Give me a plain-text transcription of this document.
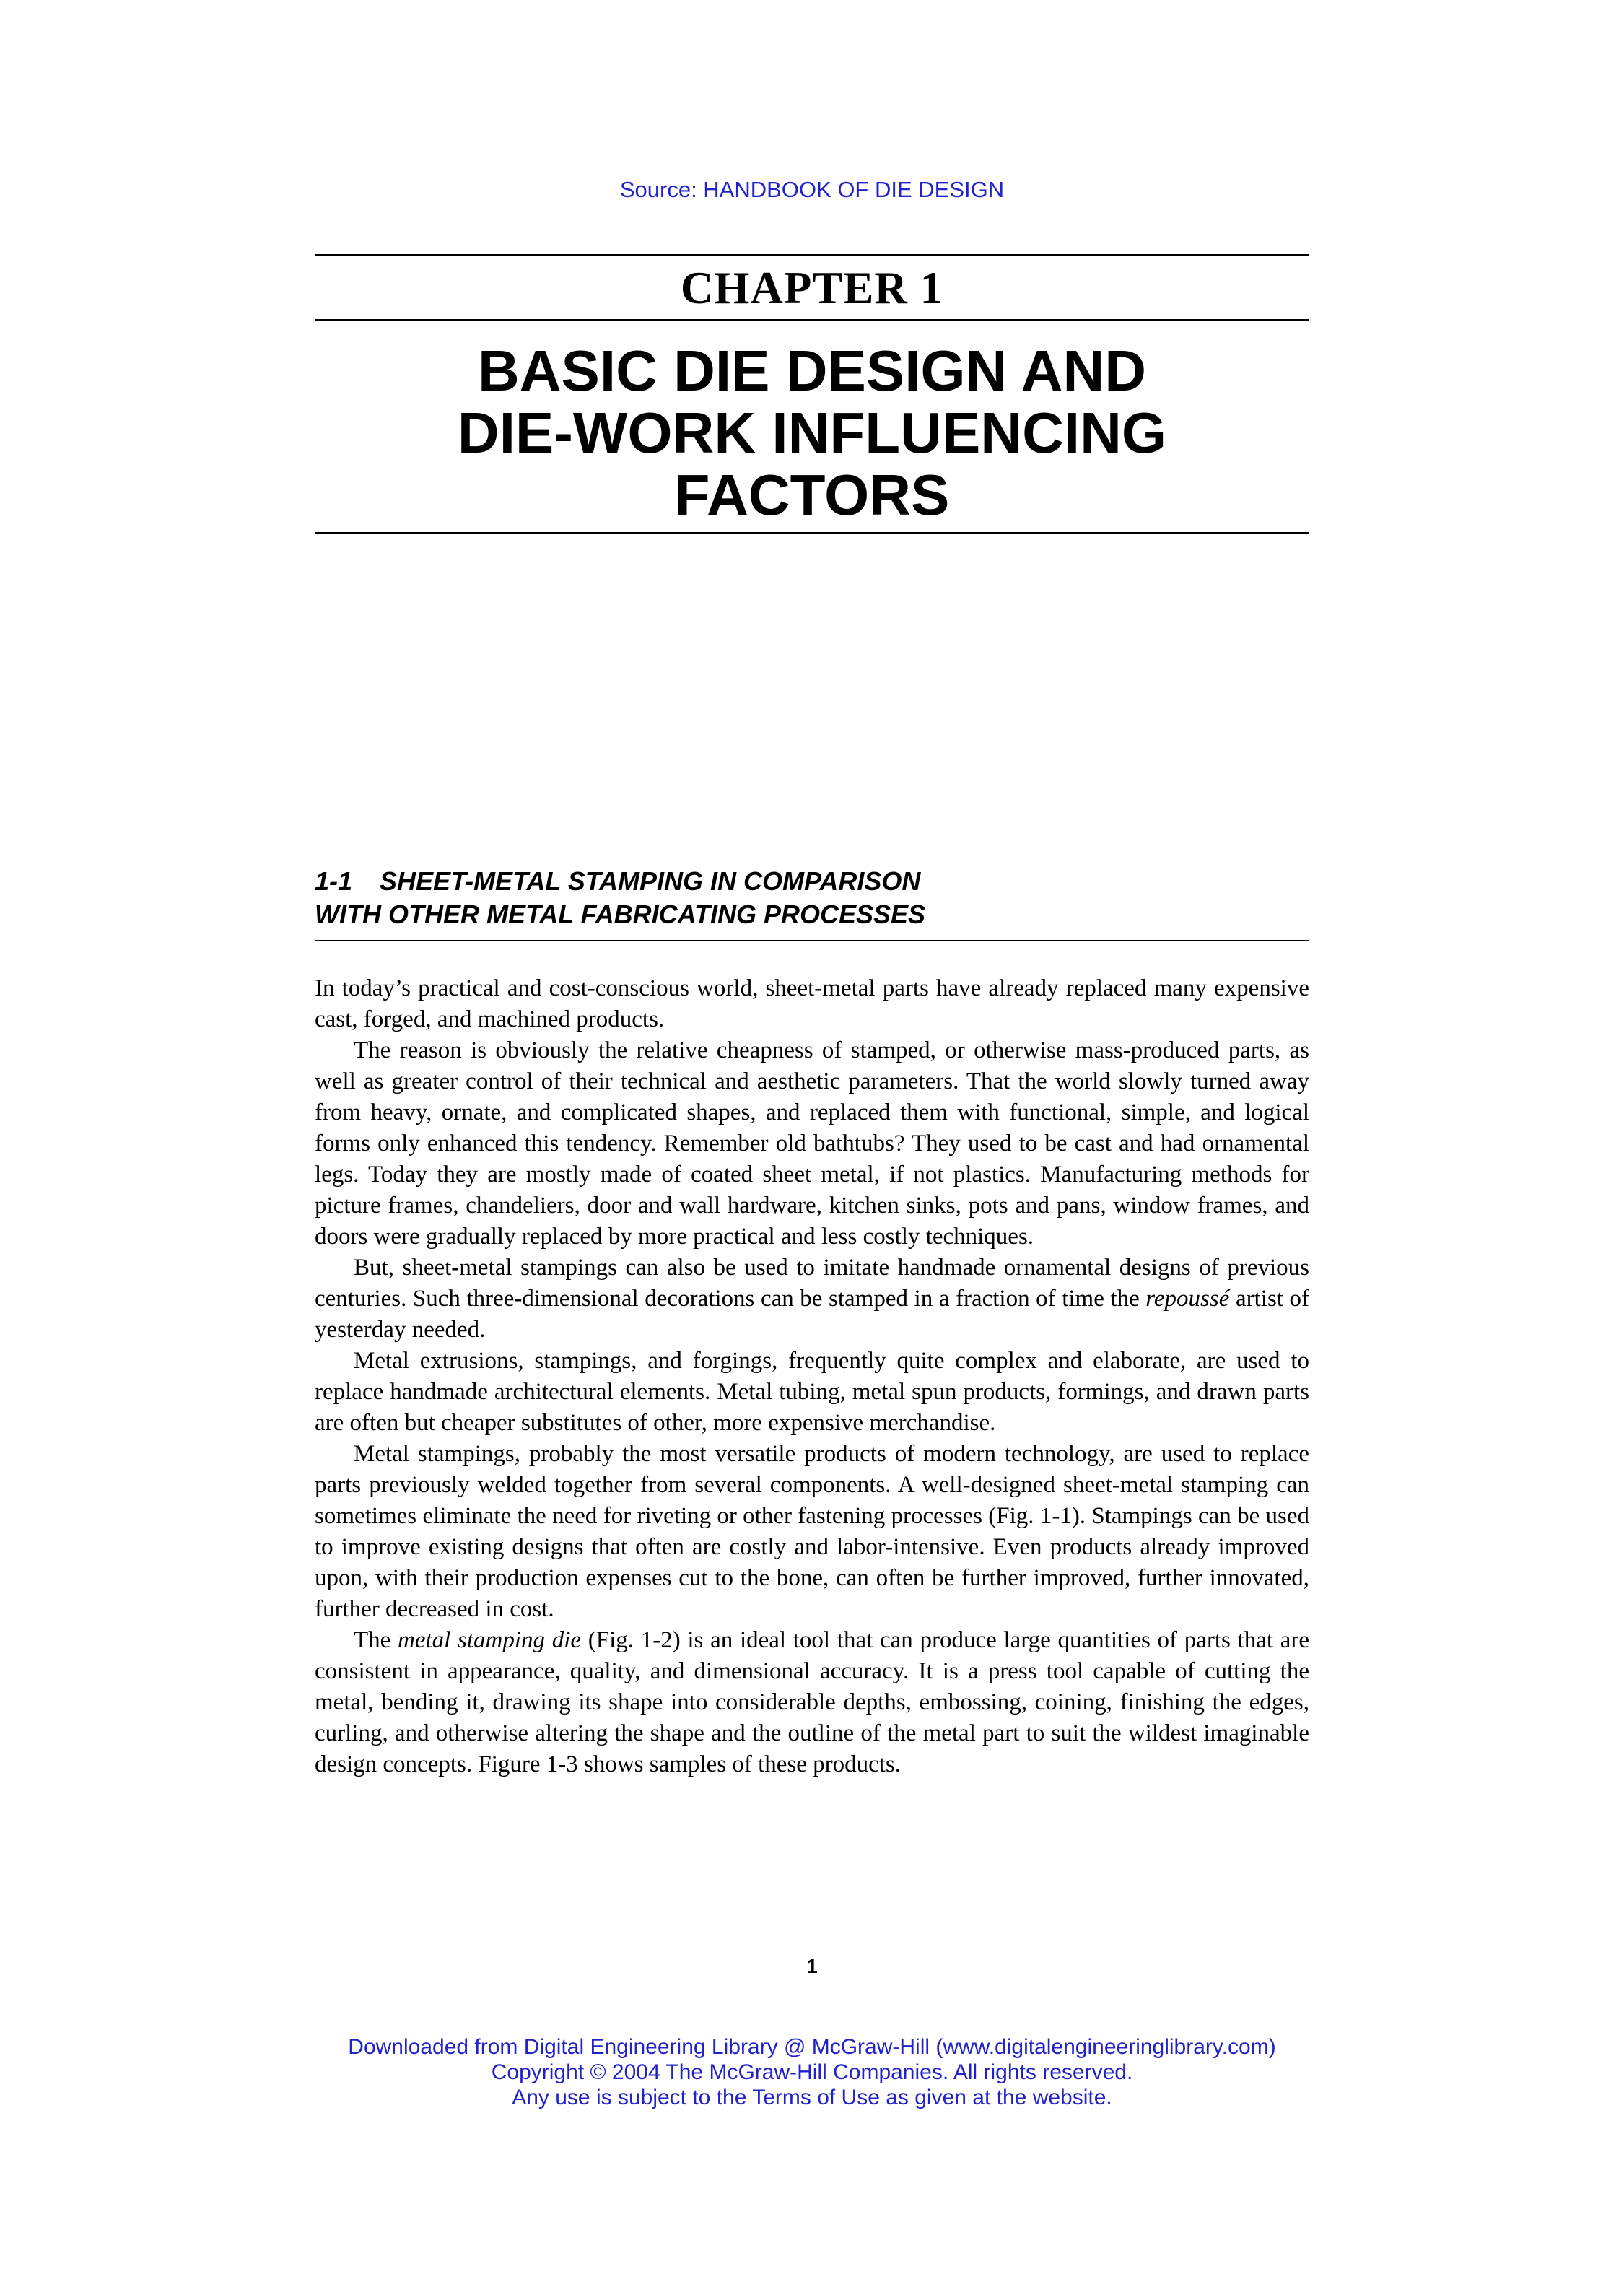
Source: HANDBOOK OF DIE DESIGN
CHAPTER 1
BASIC DIE DESIGN AND
DIE-WORK INFLUENCING
FACTORS
1-1 SHEET-METAL STAMPING IN COMPARISON
WITH OTHER METAL FABRICATING PROCESSES

In today’s practical and cost-conscious world, sheet-metal parts have already replaced many expensive cast, forged, and machined products.

The reason is obviously the relative cheapness of stamped, or otherwise mass-produced parts, as well as greater control of their technical and aesthetic parameters. That the world slowly turned away from heavy, ornate, and complicated shapes, and replaced them with functional, simple, and logical forms only enhanced this tendency. Remember old bathtubs? They used to be cast and had ornamental legs. Today they are mostly made of coated sheet metal, if not plastics. Manufacturing methods for picture frames, chandeliers, door and wall hardware, kitchen sinks, pots and pans, window frames, and doors were gradually replaced by more practical and less costly techniques.

But, sheet-metal stampings can also be used to imitate handmade ornamental designs of previous centuries. Such three-dimensional decorations can be stamped in a fraction of time the repoussé artist of yesterday needed.

Metal extrusions, stampings, and forgings, frequently quite complex and elaborate, are used to replace handmade architectural elements. Metal tubing, metal spun products, formings, and drawn parts are often but cheaper substitutes of other, more expensive merchandise.

Metal stampings, probably the most versatile products of modern technology, are used to replace parts previously welded together from several components. A well-designed sheet-metal stamping can sometimes eliminate the need for riveting or other fastening processes (Fig. 1-1). Stampings can be used to improve existing designs that often are costly and labor-intensive. Even products already improved upon, with their production expenses cut to the bone, can often be further improved, further innovated, further decreased in cost.

The metal stamping die (Fig. 1-2) is an ideal tool that can produce large quantities of parts that are consistent in appearance, quality, and dimensional accuracy. It is a press tool capable of cutting the metal, bending it, drawing its shape into considerable depths, embossing, coining, finishing the edges, curling, and otherwise altering the shape and the outline of the metal part to suit the wildest imaginable design concepts. Figure 1-3 shows samples of these products.

1
Downloaded from Digital Engineering Library @ McGraw-Hill (www.digitalengineeringlibrary.com)
Copyright © 2004 The McGraw-Hill Companies. All rights reserved.
Any use is subject to the Terms of Use as given at the website.
